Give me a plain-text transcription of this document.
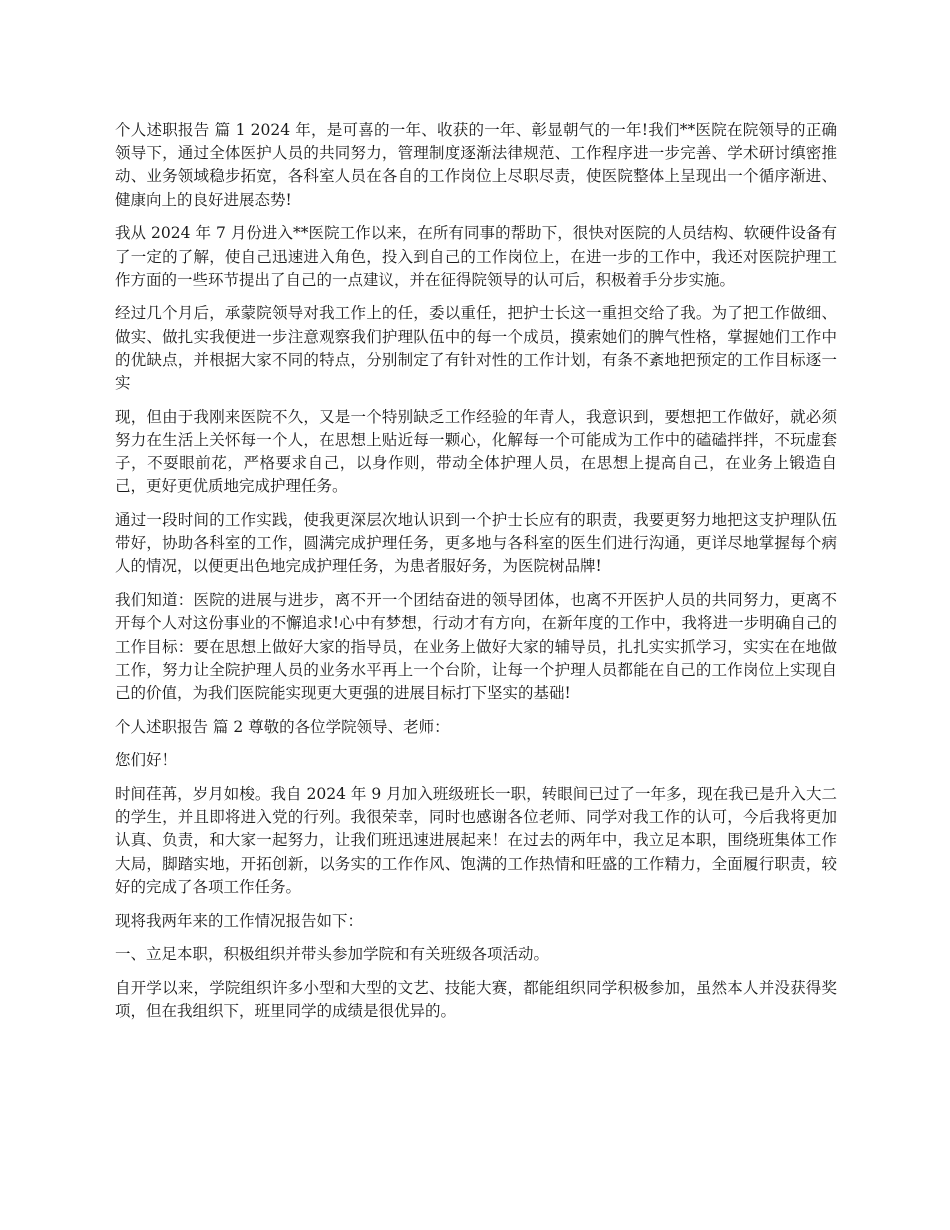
个人述职报告 篇 1 2024 年，是可喜的一年、收获的一年、彰显朝气的一年!我们**医院在院领导的正确领导下，通过全体医护人员的共同努力，管理制度逐渐法律规范、工作程序进一步完善、学术研讨缜密推动、业务领域稳步拓宽，各科室人员在各自的工作岗位上尽职尽责，使医院整体上呈现出一个循序渐进、健康向上的良好进展态势!

我从 2024 年 7 月份进入**医院工作以来，在所有同事的帮助下，很快对医院的人员结构、软硬件设备有了一定的了解，使自己迅速进入角色，投入到自己的工作岗位上，在进一步的工作中，我还对医院护理工作方面的一些环节提出了自己的一点建议，并在征得院领导的认可后，积极着手分步实施。

经过几个月后，承蒙院领导对我工作上的任，委以重任，把护士长这一重担交给了我。为了把工作做细、做实、做扎实我便进一步注意观察我们护理队伍中的每一个成员，摸索她们的脾气性格，掌握她们工作中的优缺点，并根据大家不同的特点，分别制定了有针对性的工作计划，有条不紊地把预定的工作目标逐一实

现，但由于我刚来医院不久，又是一个特别缺乏工作经验的年青人，我意识到，要想把工作做好，就必须努力在生活上关怀每一个人，在思想上贴近每一颗心，化解每一个可能成为工作中的磕磕拌拌，不玩虚套子，不耍眼前花，严格要求自己，以身作则，带动全体护理人员，在思想上提高自己，在业务上锻造自己，更好更优质地完成护理任务。

通过一段时间的工作实践，使我更深层次地认识到一个护士长应有的职责，我要更努力地把这支护理队伍带好，协助各科室的工作，圆满完成护理任务，更多地与各科室的医生们进行沟通，更详尽地掌握每个病人的情况，以便更出色地完成护理任务，为患者服好务，为医院树品牌!

我们知道：医院的进展与进步，离不开一个团结奋进的领导团体，也离不开医护人员的共同努力，更离不开每个人对这份事业的不懈追求!心中有梦想，行动才有方向，在新年度的工作中，我将进一步明确自己的工作目标：要在思想上做好大家的指导员，在业务上做好大家的辅导员，扎扎实实抓学习，实实在在地做工作，努力让全院护理人员的业务水平再上一个台阶，让每一个护理人员都能在自己的工作岗位上实现自己的价值，为我们医院能实现更大更强的进展目标打下坚实的基础!

个人述职报告 篇 2 尊敬的各位学院领导、老师：

您们好！

时间荏苒，岁月如梭。我自 2024 年 9 月加入班级班长一职，转眼间已过了一年多，现在我已是升入大二的学生，并且即将进入党的行列。我很荣幸，同时也感谢各位老师、同学对我工作的认可，今后我将更加认真、负责，和大家一起努力，让我们班迅速进展起来！在过去的两年中，我立足本职，围绕班集体工作大局，脚踏实地，开拓创新，以务实的工作作风、饱满的工作热情和旺盛的工作精力，全面履行职责，较好的完成了各项工作任务。

现将我两年来的工作情况报告如下：

一、立足本职，积极组织并带头参加学院和有关班级各项活动。

自开学以来，学院组织许多小型和大型的文艺、技能大赛，都能组织同学积极参加，虽然本人并没获得奖项，但在我组织下，班里同学的成绩是很优异的。
